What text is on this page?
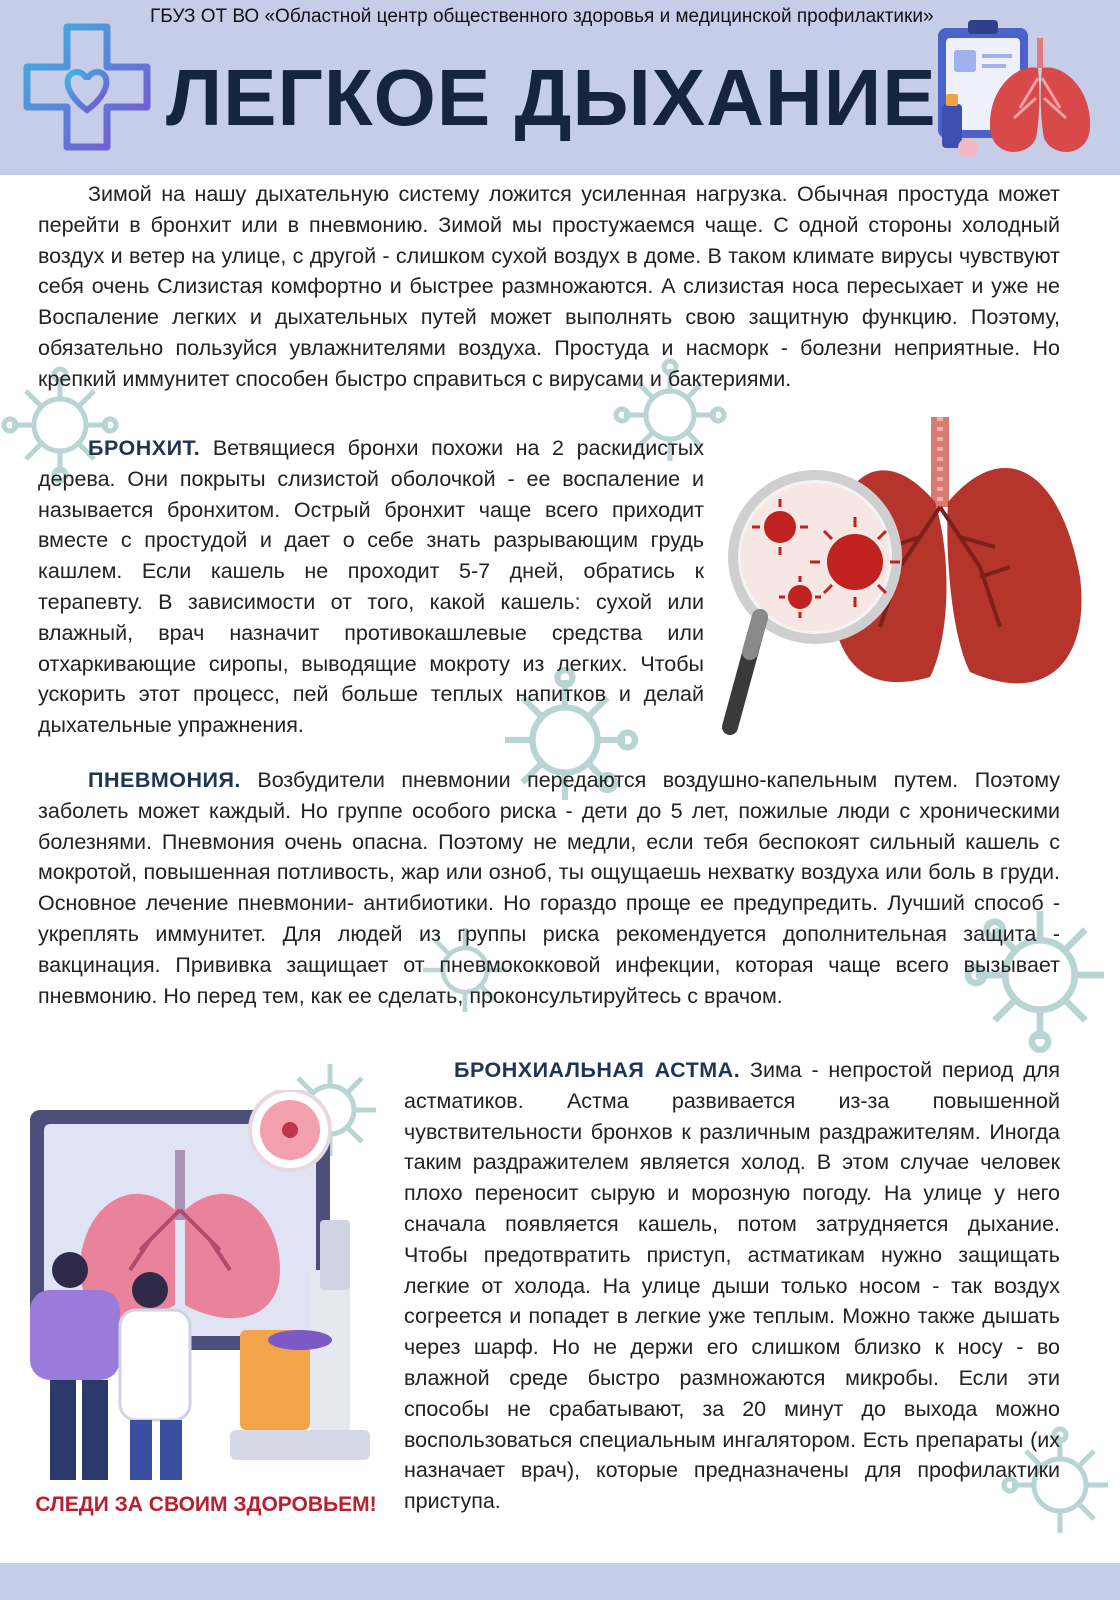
ГБУЗ ОТ ВО «Областной центр общественного здоровья и медицинской профилактики»
ЛЕГКОЕ ДЫХАНИЕ
Зимой на нашу дыхательную систему ложится усиленная нагрузка. Обычная простуда может перейти в бронхит или в пневмонию. Зимой мы простужаемся чаще. С одной стороны холодный воздух и ветер на улице, с другой - слишком сухой воздух в доме. В таком климате вирусы чувствуют себя очень Слизистая комфортно и быстрее размножаются. А слизистая носа пересыхает и уже не Воспаление легких и дыхательных путей может выполнять свою защитную функцию. Поэтому, обязательно пользуйся увлажнителями воздуха. Простуда и насморк - болезни неприятные. Но крепкий иммунитет способен быстро справиться с вирусами и бактериями.
БРОНХИТ. Ветвящиеся бронхи похожи на 2 раскидистых дерева. Они покрыты слизистой оболочкой - ее воспаление и называется бронхитом. Острый бронхит чаще всего приходит вместе с простудой и дает о себе знать разрывающим грудь кашлем. Если кашель не проходит 5-7 дней, обратись к терапевту. В зависимости от того, какой кашель: сухой или влажный, врач назначит противокашлевые средства или отхаркивающие сиропы, выводящие мокроту из легких. Чтобы ускорить этот процесс, пей больше теплых напитков и делай дыхательные упражнения.
ПНЕВМОНИЯ. Возбудители пневмонии передаются воздушно-капельным путем. Поэтому заболеть может каждый. Но группе особого риска - дети до 5 лет, пожилые люди с хроническими болезнями. Пневмония очень опасна. Поэтому не медли, если тебя беспокоят сильный кашель с мокротой, повышенная потливость, жар или озноб, ты ощущаешь нехватку воздуха или боль в груди. Основное лечение пневмонии- антибиотики. Но гораздо проще ее предупредить. Лучший способ - укреплять иммунитет. Для людей из группы риска рекомендуется дополнительная защита - вакцинация. Прививка защищает от пневмококковой инфекции, которая чаще всего вызывает пневмонию. Но перед тем, как ее сделать, проконсультируйтесь с врачом.
БРОНХИАЛЬНАЯ АСТМА. Зима - непростой период для астматиков. Астма развивается из-за повышенной чувствительности бронхов к различным раздражителям. Иногда таким раздражителем является холод. В этом случае человек плохо переносит сырую и морозную погоду. На улице у него сначала появляется кашель, потом затрудняется дыхание. Чтобы предотвратить приступ, астматикам нужно защищать легкие от холода. На улице дыши только носом - так воздух согреется и попадет в легкие уже теплым. Можно также дышать через шарф. Но не держи его слишком близко к носу - во влажной среде быстро размножаются микробы. Если эти способы не срабатывают, за 20 минут до выхода можно воспользоваться специальным ингалятором. Есть препараты (их назначает врач), которые предназначены для профилактики приступа.
СЛЕДИ ЗА СВОИМ ЗДОРОВЬЕМ!
